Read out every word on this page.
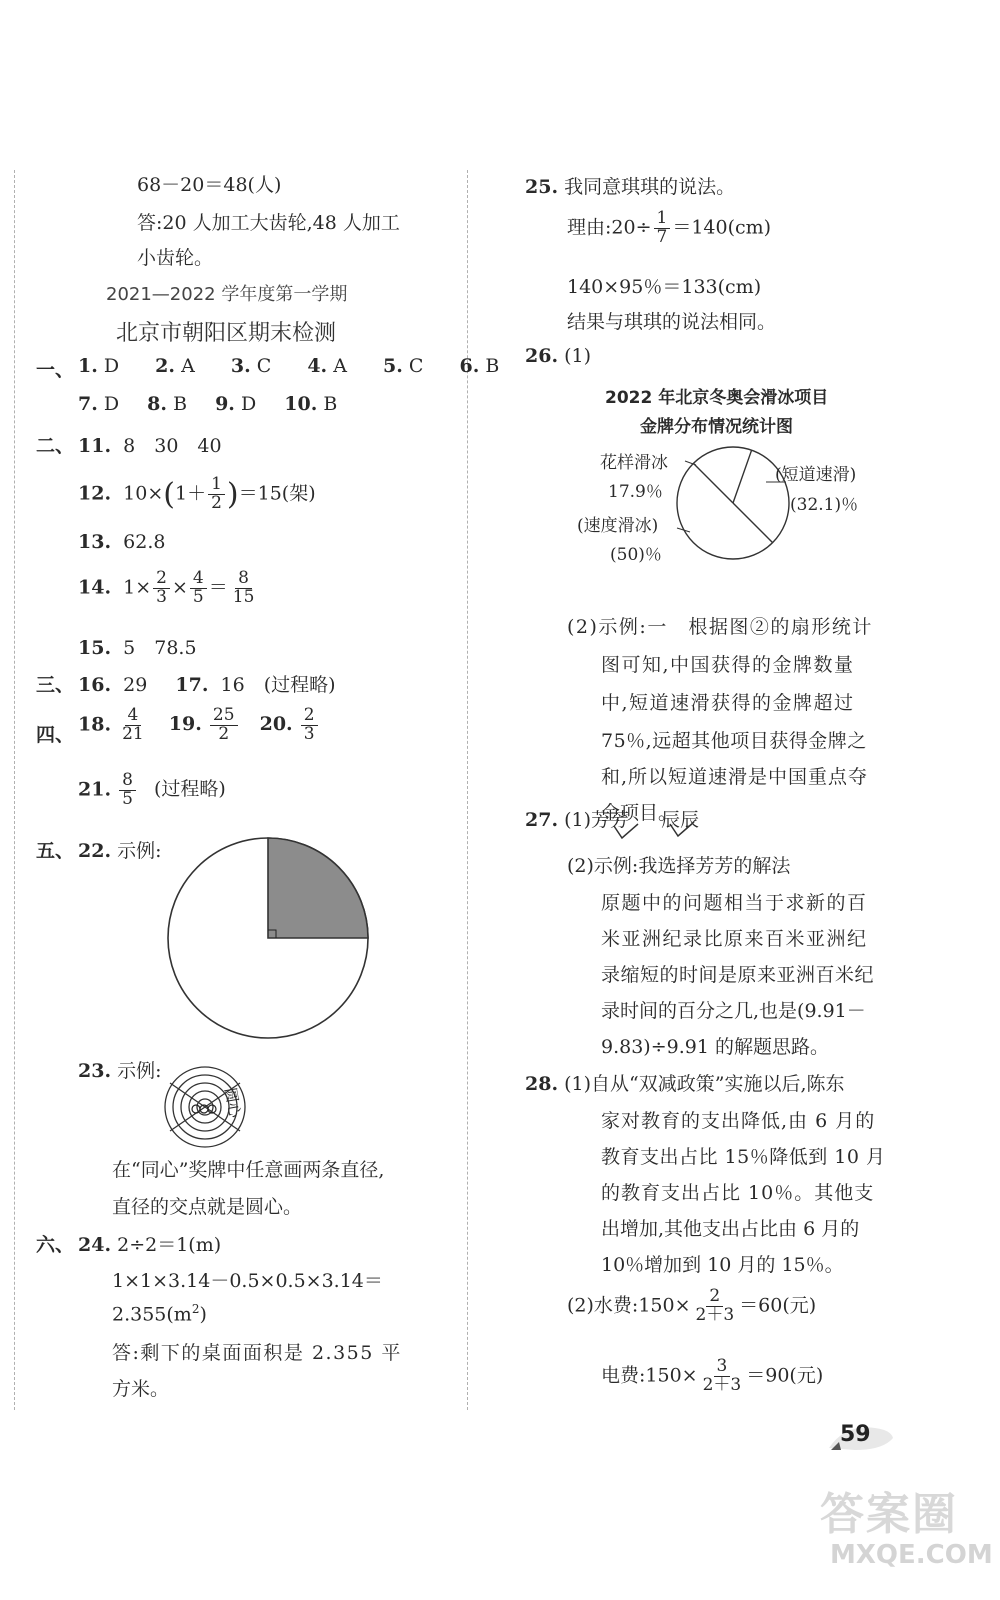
68－20＝48(人)
答:20 人加工大齿轮,48 人加工
小齿轮。
2021—2022 学年度第一学期
北京市朝阳区期末检测
一、 1. D 2. A 3. C 4. A 5. C 6. B
7. D 8. B 9. D 10. B
二、 11. 8　30　40
12. $10\times(1+ \frac{1}{2} )=15$(架)
13. 62.8
14. $1\times \frac{2}{3} \times \frac{4}{5} = \frac{8}{15}$
15. 5　78.5
三、 16. 29 17. 16　(过程略)
四、 18. $\frac{4}{21} 19$. $\frac{25}{2} 20$. $\frac{2}{3}$
21. $\frac{8}{5}$ (过程略)
五、 22. 示例:
23. 示例:
圆心
在“同心”奖牌中任意画两条直径,
直径的交点就是圆心。
六、 24. 2÷2＝1(m)
1×1×3.14－0.5×0.5×3.14＝
$2.355(m^2)$
答:剩下的桌面面积是 2.355 平
方米。
25. 我同意琪琪的说法。
理由:20÷ $\frac{1}{7} =140(cm)$
140×95％＝133(cm)
结果与琪琪的说法相同。
26. (1)
2022 年北京冬奥会滑冰项目
金牌分布情况统计图
花样滑冰
17.9％
(短道速滑)
(32.1)％
(速度滑冰)
(50)％
(2)示例:一　根据图②的扇形统计
图可知,中国获得的金牌数量
中,短道速滑获得的金牌超过
75％,远超其他项目获得金牌之
和,所以短道速滑是中国重点夺
金项目。
27. (1)芳芳 辰辰
(2)示例:我选择芳芳的解法
原题中的问题相当于求新的百
米亚洲纪录比原来百米亚洲纪
录缩短的时间是原来亚洲百米纪
录时间的百分之几,也是(9.91－
9.83)÷9.91 的解题思路。
28. (1)自从“双减政策”实施以后,陈东
家对教育的支出降低,由 6 月的
教育支出占比 15％降低到 10 月
的教育支出占比 10％。其他支
出增加,其他支出占比由 6 月的
10％增加到 10 月的 15％。
(2)水费:150× $\frac{2}{2+3} =60$(元)
电费:150× $\frac{3}{2+3} =90$(元)
59
答案圈
MXQE.COM
